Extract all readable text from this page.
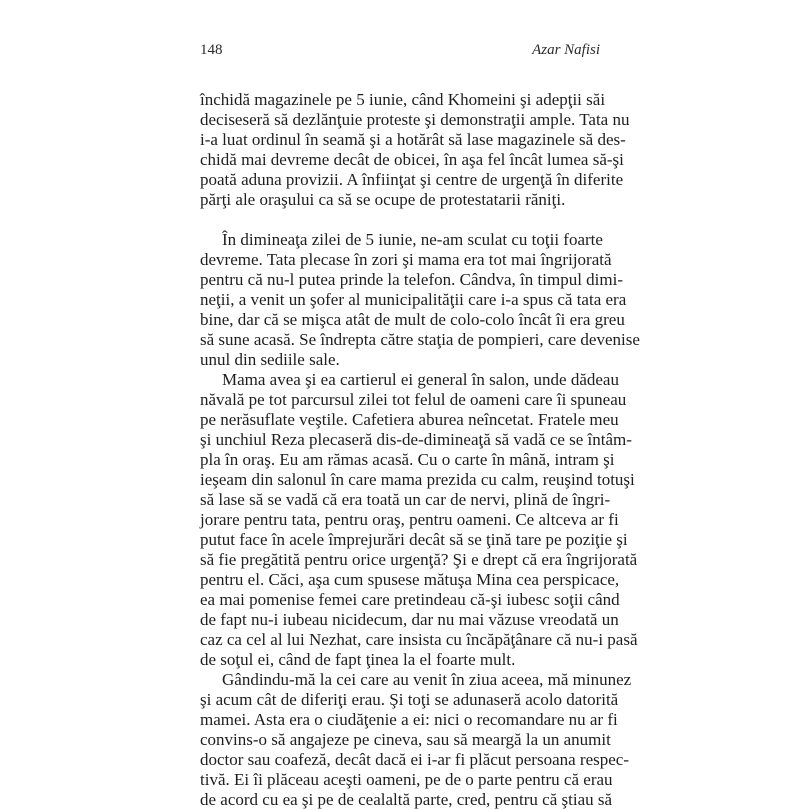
148	Azar Nafisi
închidă magazinele pe 5 iunie, când Khomeini şi adepţii săi
deciseseră să dezlănţuie proteste şi demonstraţii ample. Tata nu
i-a luat ordinul în seamă şi a hotărât să lase magazinele să des-
chidă mai devreme decât de obicei, în aşa fel încât lumea să-şi
poată aduna provizii. A înfiinţat şi centre de urgenţă în diferite
părţi ale oraşului ca să se ocupe de protestatarii răniţi.
În dimineaţa zilei de 5 iunie, ne-am sculat cu toţii foarte
devreme. Tata plecase în zori şi mama era tot mai îngrijorată
pentru că nu-l putea prinde la telefon. Cândva, în timpul dimi-
neţii, a venit un şofer al municipalităţii care i-a spus că tata era
bine, dar că se mişca atât de mult de colo-colo încât îi era greu
să sune acasă. Se îndrepta către staţia de pompieri, care devenise
unul din sediile sale.
Mama avea şi ea cartierul ei general în salon, unde dădeau
năvală pe tot parcursul zilei tot felul de oameni care îi spuneau
pe nerăsuflate veştile. Cafetiera aburea neîncetat. Fratele meu
şi unchiul Reza plecaseră dis-de-dimineaţă să vadă ce se întâm-
pla în oraş. Eu am rămas acasă. Cu o carte în mână, intram şi
ieşeam din salonul în care mama prezida cu calm, reuşind totuşi
să lase să se vadă că era toată un car de nervi, plină de îngri-
jorare pentru tata, pentru oraş, pentru oameni. Ce altceva ar fi
putut face în acele împrejurări decât să se ţină tare pe poziţie şi
să fie pregătită pentru orice urgenţă? Şi e drept că era îngrijorată
pentru el. Căci, aşa cum spusese mătuşa Mina cea perspicace,
ea mai pomenise femei care pretindeau că-şi iubesc soţii când
de fapt nu-i iubeau nicidecum, dar nu mai văzuse vreodată un
caz ca cel al lui Nezhat, care insista cu încăpăţânare că nu-i pasă
de soţul ei, când de fapt ţinea la el foarte mult.
Gândindu-mă la cei care au venit în ziua aceea, mă minunez
şi acum cât de diferiţi erau. Şi toţi se adunaseră acolo datorită
mamei. Asta era o ciudăţenie a ei: nici o recomandare nu ar fi
convins-o să angajeze pe cineva, sau să meargă la un anumit
doctor sau coafeză, decât dacă ei i-ar fi plăcut persoana respec-
tivă. Ei îi plăceau aceşti oameni, pe de o parte pentru că erau
de acord cu ea şi pe de cealaltă parte, cred, pentru că ştiau să
